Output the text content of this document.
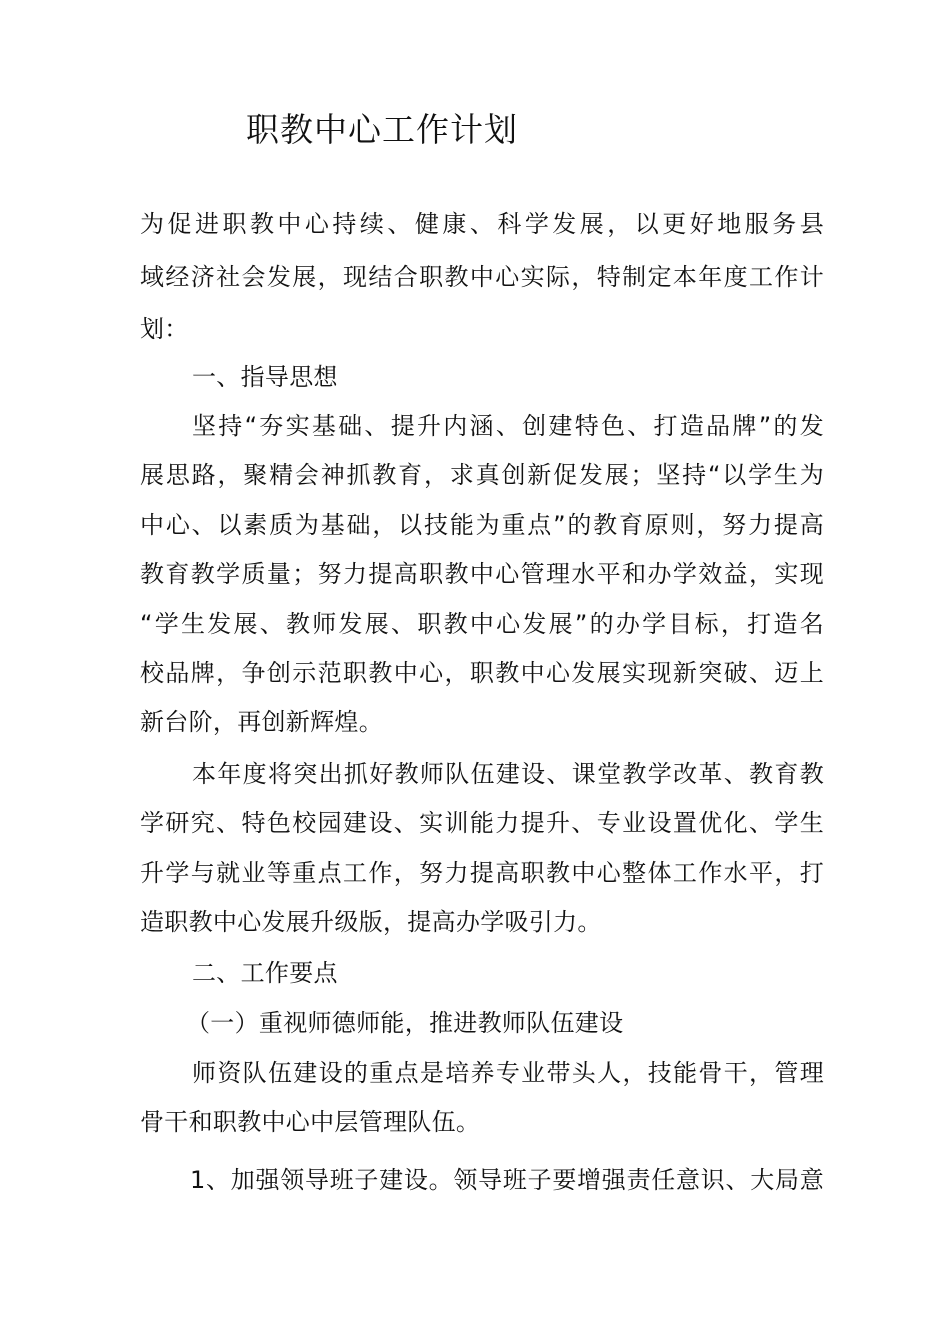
职教中心工作计划
为促进职教中心持续、健康、科学发展，以更好地服务县
域经济社会发展，现结合职教中心实际，特制定本年度工作计
划：
一、指导思想
坚持“夯实基础、提升内涵、创建特色、打造品牌”的发
展思路，聚精会神抓教育，求真创新促发展；坚持“以学生为
中心、以素质为基础，以技能为重点”的教育原则，努力提高
教育教学质量；努力提高职教中心管理水平和办学效益，实现
“学生发展、教师发展、职教中心发展”的办学目标，打造名
校品牌，争创示范职教中心，职教中心发展实现新突破、迈上
新台阶，再创新辉煌。
本年度将突出抓好教师队伍建设、课堂教学改革、教育教
学研究、特色校园建设、实训能力提升、专业设置优化、学生
升学与就业等重点工作，努力提高职教中心整体工作水平，打
造职教中心发展升级版，提高办学吸引力。
二、工作要点
（一）重视师德师能，推进教师队伍建设
师资队伍建设的重点是培养专业带头人，技能骨干，管理
骨干和职教中心中层管理队伍。
1、加强领导班子建设。领导班子要增强责任意识、大局意
